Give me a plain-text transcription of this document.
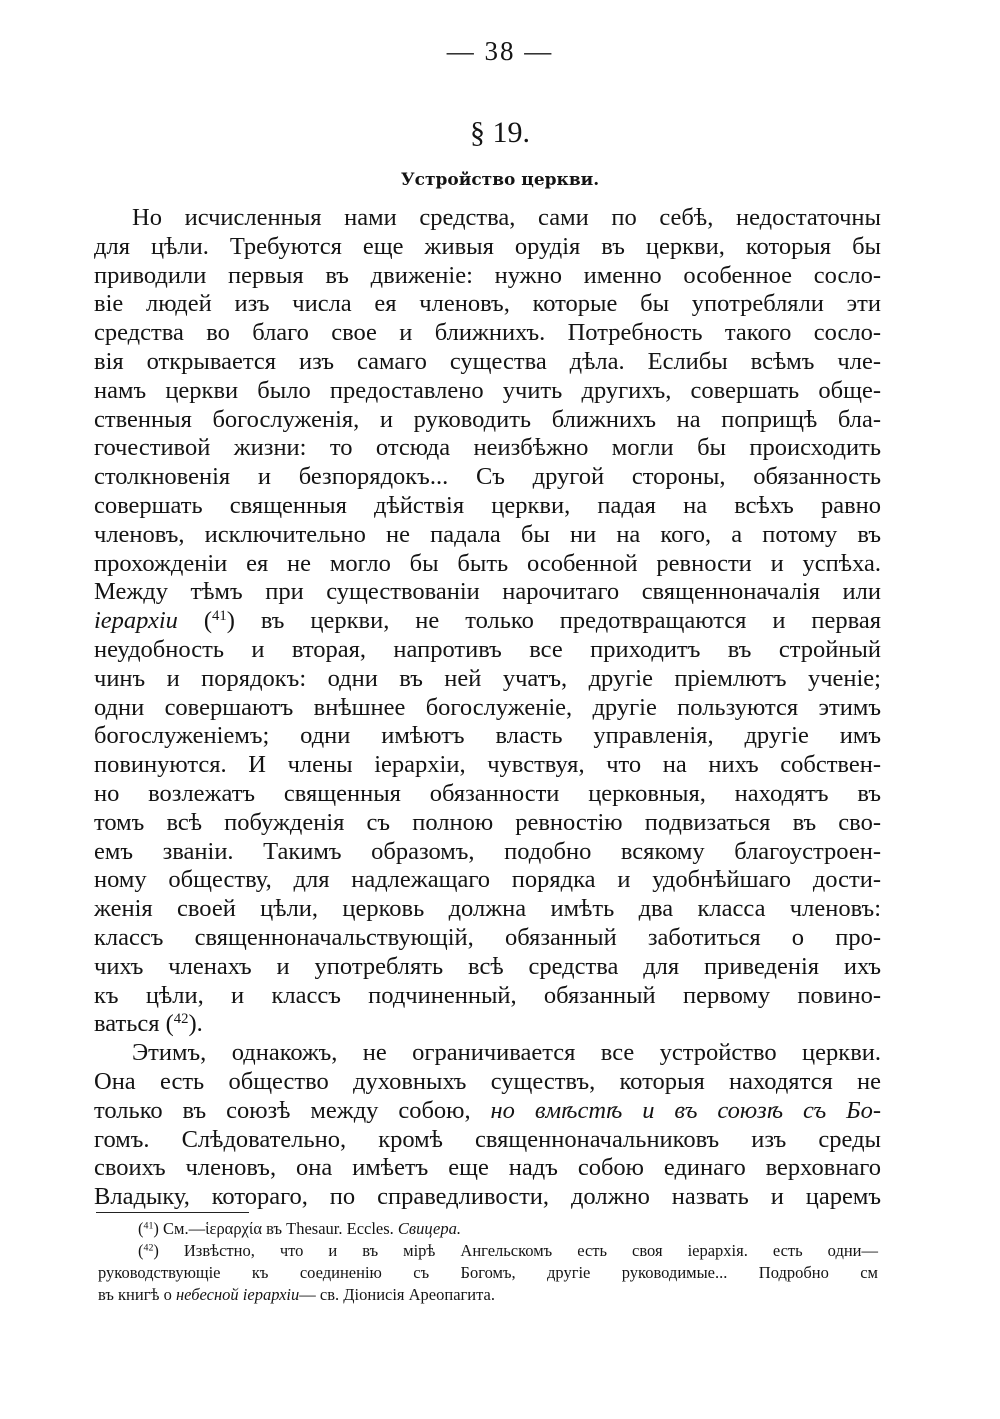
— 38 —
§ 19.
Устройство церкви.
Но исчисленныя нами средства, сами по себѣ, недостаточны
для цѣли. Требуются еще живыя орудія въ церкви, которыя бы
приводили первыя въ движеніе: нужно именно особенное сосло-
віе людей изъ числа ея членовъ, которые бы употребляли эти
средства во благо свое и ближнихъ. Потребность такого сосло-
вія открывается изъ самаго существа дѣла. Еслибы всѣмъ чле-
намъ церкви было предоставлено учить другихъ, совершать обще-
ственныя богослуженія, и руководить ближнихъ на поприщѣ бла-
гочестивой жизни: то отсюда неизбѣжно могли бы происходить
столкновенія и безпорядокъ... Съ другой стороны, обязанность
совершать священныя дѣйствія церкви, падая на всѣхъ равно
членовъ, исключительно не падала бы ни на кого, а потому въ
прохожденіи ея не могло бы быть особенной ревности и успѣха.
Между тѣмъ при существованіи нарочитаго священноначалія или
іерархіи ($^{41}$) въ церкви, не только предотвращаются и первая
неудобность и вторая, напротивъ все приходитъ въ стройный
чинъ и порядокъ: одни въ ней учатъ, другіе пріемлютъ ученіе;
одни совершаютъ внѣшнее богослуженіе, другіе пользуются этимъ
богослуженіемъ; одни имѣютъ власть управленія, другіе имъ
повинуются. И члены іерархіи, чувствуя, что на нихъ собствен-
но возлежатъ священныя обязанности церковныя, находятъ въ
томъ всѣ побужденія съ полною ревностію подвизаться въ сво-
емъ званіи. Такимъ образомъ, подобно всякому благоустроен-
ному обществу, для надлежащаго порядка и удобнѣйшаго дости-
женія своей цѣли, церковь должна имѣть два класса членовъ:
классъ священноначальствующій, обязанный заботиться о про-
чихъ членахъ и употреблять всѣ средства для приведенія ихъ
къ цѣли, и классъ подчиненный, обязанный первому повино-
ваться ($^{42}$).
Этимъ, однакожъ, не ограничивается все устройство церкви.
Она есть общество духовныхъ существъ, которыя находятся не
только въ союзѣ между собою, но вмѣстѣ и въ союзѣ съ Бо-
гомъ. Слѣдовательно, кромѣ священноначальниковъ изъ среды
своихъ членовъ, она имѣетъ еще надъ собою единаго верховнаго
Владыку, котораго, по справедливости, должно назвать и царемъ
($^{41}$) См.—ἱεραρχία въ Thesaur. Eccles. Свицера.
($^{42}$) Извѣстно, что и въ мірѣ Ангельскомъ есть своя іерархія. есть одни—
руководствующіе къ соединенію съ Богомъ, другіе руководимые... Подробно см
въ книгѣ о небесной іерархіи— св. Діонисія Ареопагита.
